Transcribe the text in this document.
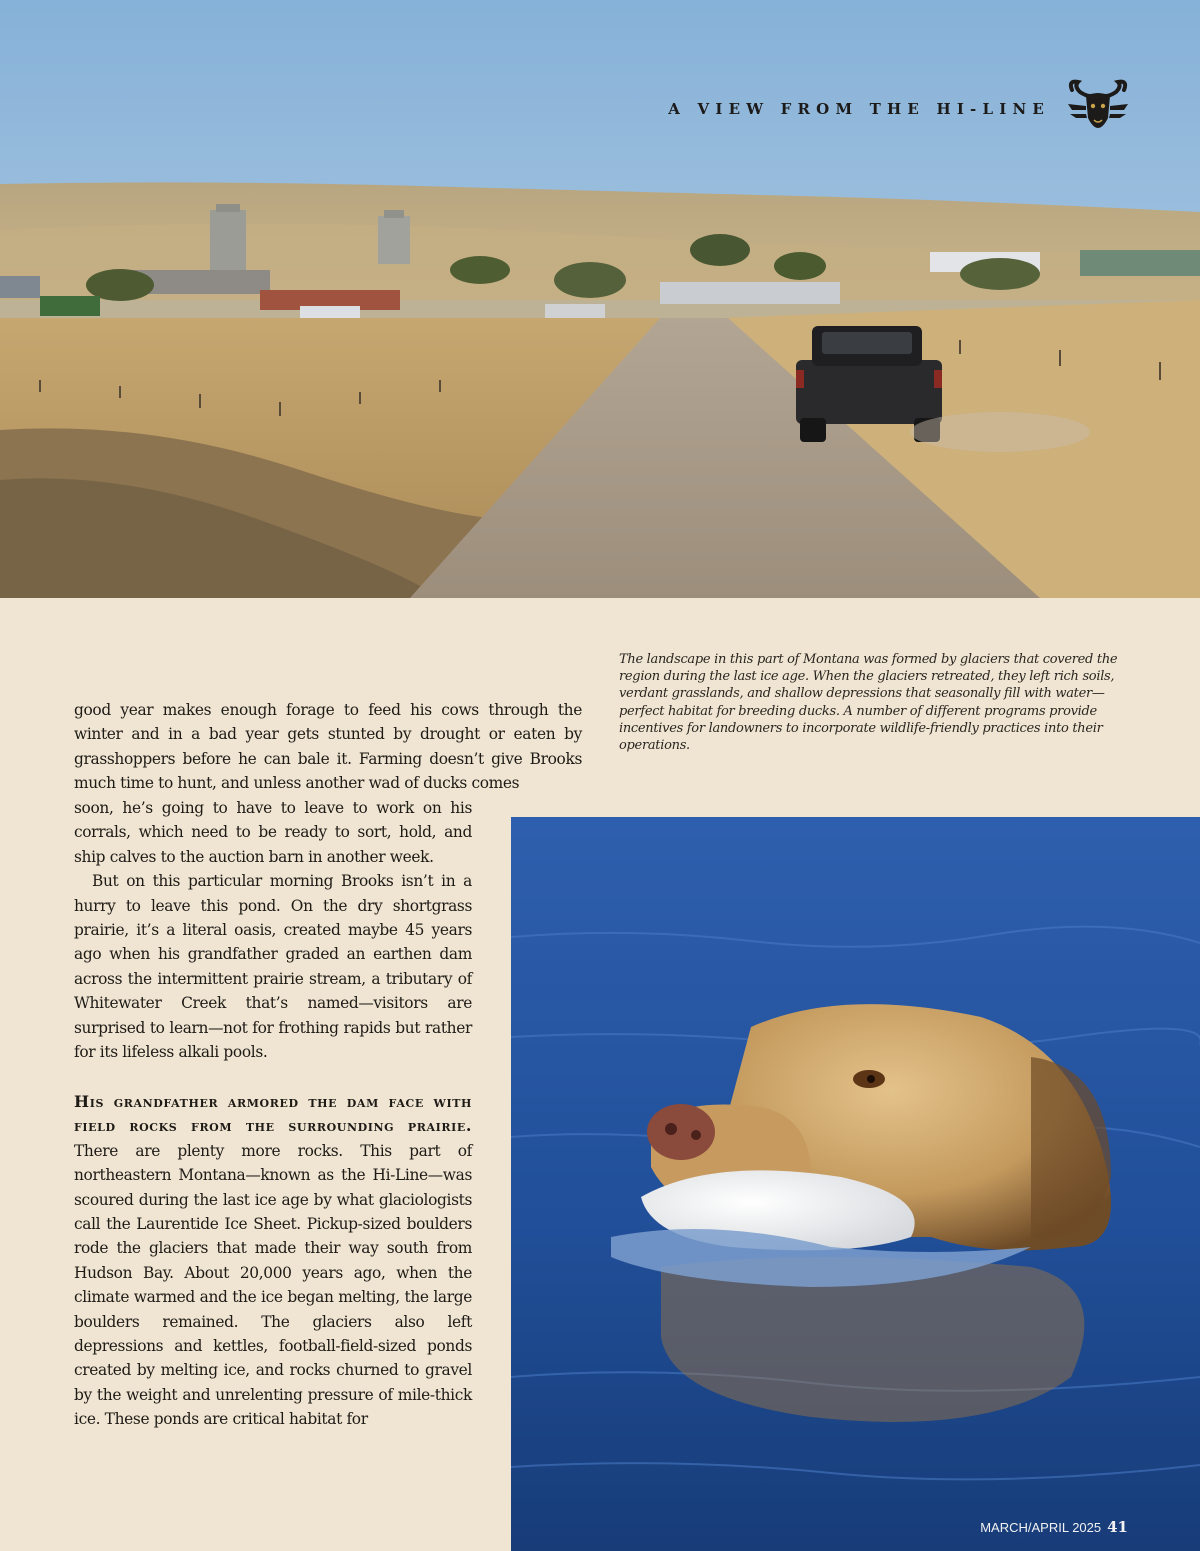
A VIEW FROM THE HI-LINE

The landscape in this part of Montana was formed by glaciers that covered the region during the last ice age. When the glaciers retreated, they left rich soils, verdant grasslands, and shallow depressions that seasonally fill with water—perfect habitat for breeding ducks. A number of different programs provide incentives for landowners to incorporate wildlife-friendly practices into their operations.

good year makes enough forage to feed his cows through the winter and in a bad year gets stunted by drought or eaten by grasshoppers before he can bale it. Farming doesn’t give Brooks much time to hunt, and unless another wad of ducks comes

soon, he’s going to have to leave to work on his corrals, which need to be ready to sort, hold, and ship calves to the auction barn in another week.

But on this particular morning Brooks isn’t in a hurry to leave this pond. On the dry shortgrass prairie, it’s a literal oasis, created maybe 45 years ago when his grandfather graded an earthen dam across the intermittent prairie stream, a tributary of Whitewater Creek that’s named—visitors are surprised to learn—not for frothing rapids but rather for its lifeless alkali pools.

His grandfather armored the dam face with field rocks from the surrounding prairie. There are plenty more rocks. This part of northeastern Montana—known as the Hi-Line—was scoured during the last ice age by what glaciologists call the Laurentide Ice Sheet. Pickup-sized boulders rode the glaciers that made their way south from Hudson Bay. About 20,000 years ago, when the climate warmed and the ice began melting, the large boulders remained. The glaciers also left depressions and kettles, football-field-sized ponds created by melting ice, and rocks churned to gravel by the weight and unrelenting pressure of mile-thick ice. These ponds are critical habitat for

MARCH/APRIL 2025 41
